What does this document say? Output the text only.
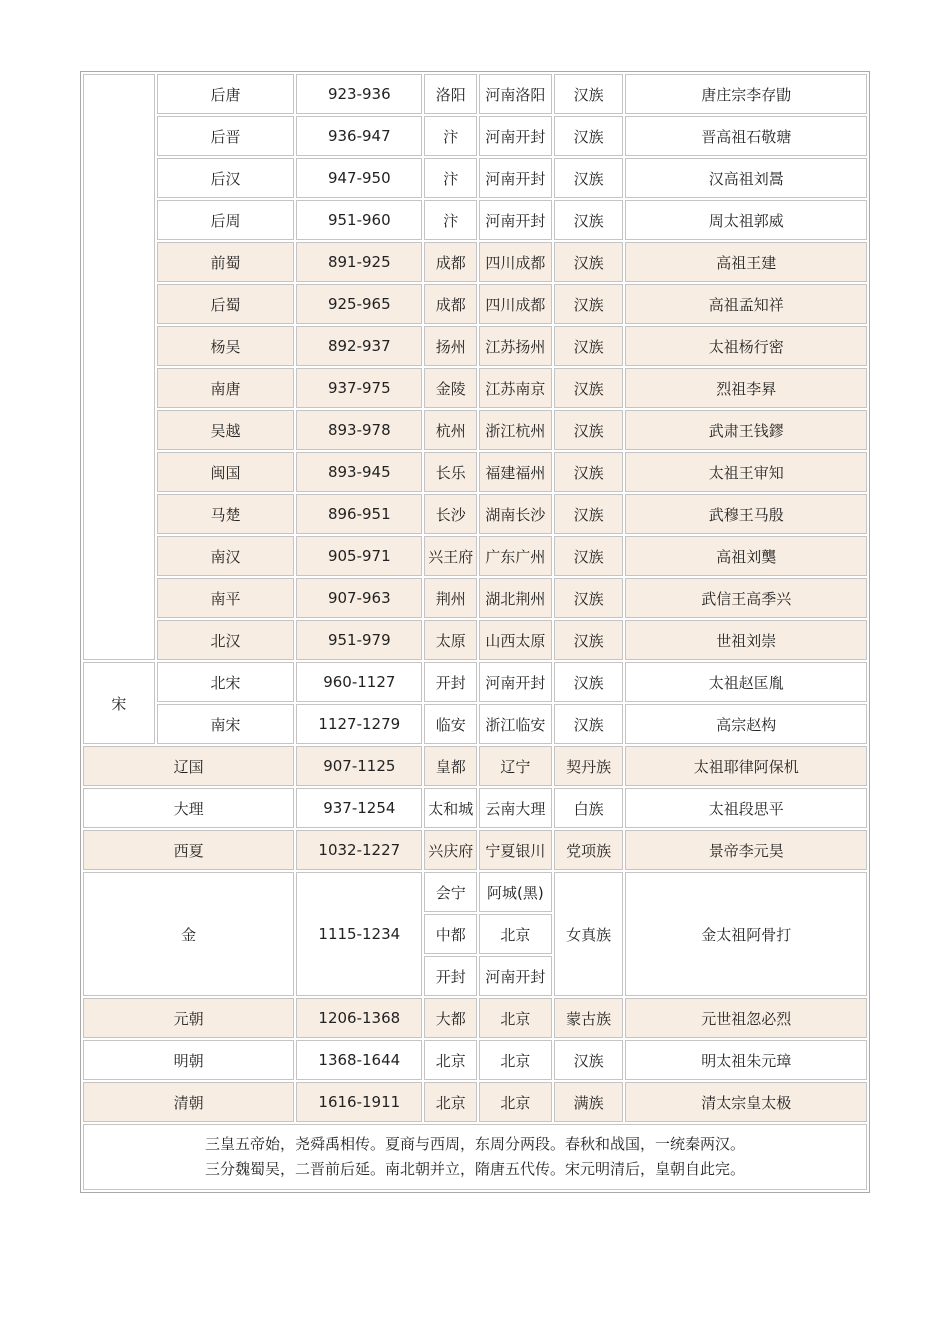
	后唐	923-936	洛阳	河南洛阳	汉族	唐庄宗李存勖
	后晋	936-947	汴	河南开封	汉族	晋高祖石敬瑭
	后汉	947-950	汴	河南开封	汉族	汉高祖刘暠
	后周	951-960	汴	河南开封	汉族	周太祖郭威
	前蜀	891-925	成都	四川成都	汉族	高祖王建
	后蜀	925-965	成都	四川成都	汉族	高祖孟知祥
	杨吴	892-937	扬州	江苏扬州	汉族	太祖杨行密
	南唐	937-975	金陵	江苏南京	汉族	烈祖李昪
	吴越	893-978	杭州	浙江杭州	汉族	武肃王钱鏐
	闽国	893-945	长乐	福建福州	汉族	太祖王审知
	马楚	896-951	长沙	湖南长沙	汉族	武穆王马殷
	南汉	905-971	兴王府	广东广州	汉族	高祖刘龑
	南平	907-963	荆州	湖北荆州	汉族	武信王高季兴
	北汉	951-979	太原	山西太原	汉族	世祖刘崇
宋	北宋	960-1127	开封	河南开封	汉族	太祖赵匡胤
	南宋	1127-1279	临安	浙江临安	汉族	高宗赵构
辽国		907-1125	皇都	辽宁	契丹族	太祖耶律阿保机
大理		937-1254	太和城	云南大理	白族	太祖段思平
西夏		1032-1227	兴庆府	宁夏银川	党项族	景帝李元昊
金		1115-1234	会宁	阿城(黑)	女真族	金太祖阿骨打
			中都	北京		
			开封	河南开封		
元朝		1206-1368	大都	北京	蒙古族	元世祖忽必烈
明朝		1368-1644	北京	北京	汉族	明太祖朱元璋
清朝		1616-1911	北京	北京	满族	清太宗皇太极

三皇五帝始，尧舜禹相传。夏商与西周，东周分两段。春秋和战国，一统秦两汉。
三分魏蜀吴，二晋前后延。南北朝并立，隋唐五代传。宋元明清后，皇朝自此完。						
